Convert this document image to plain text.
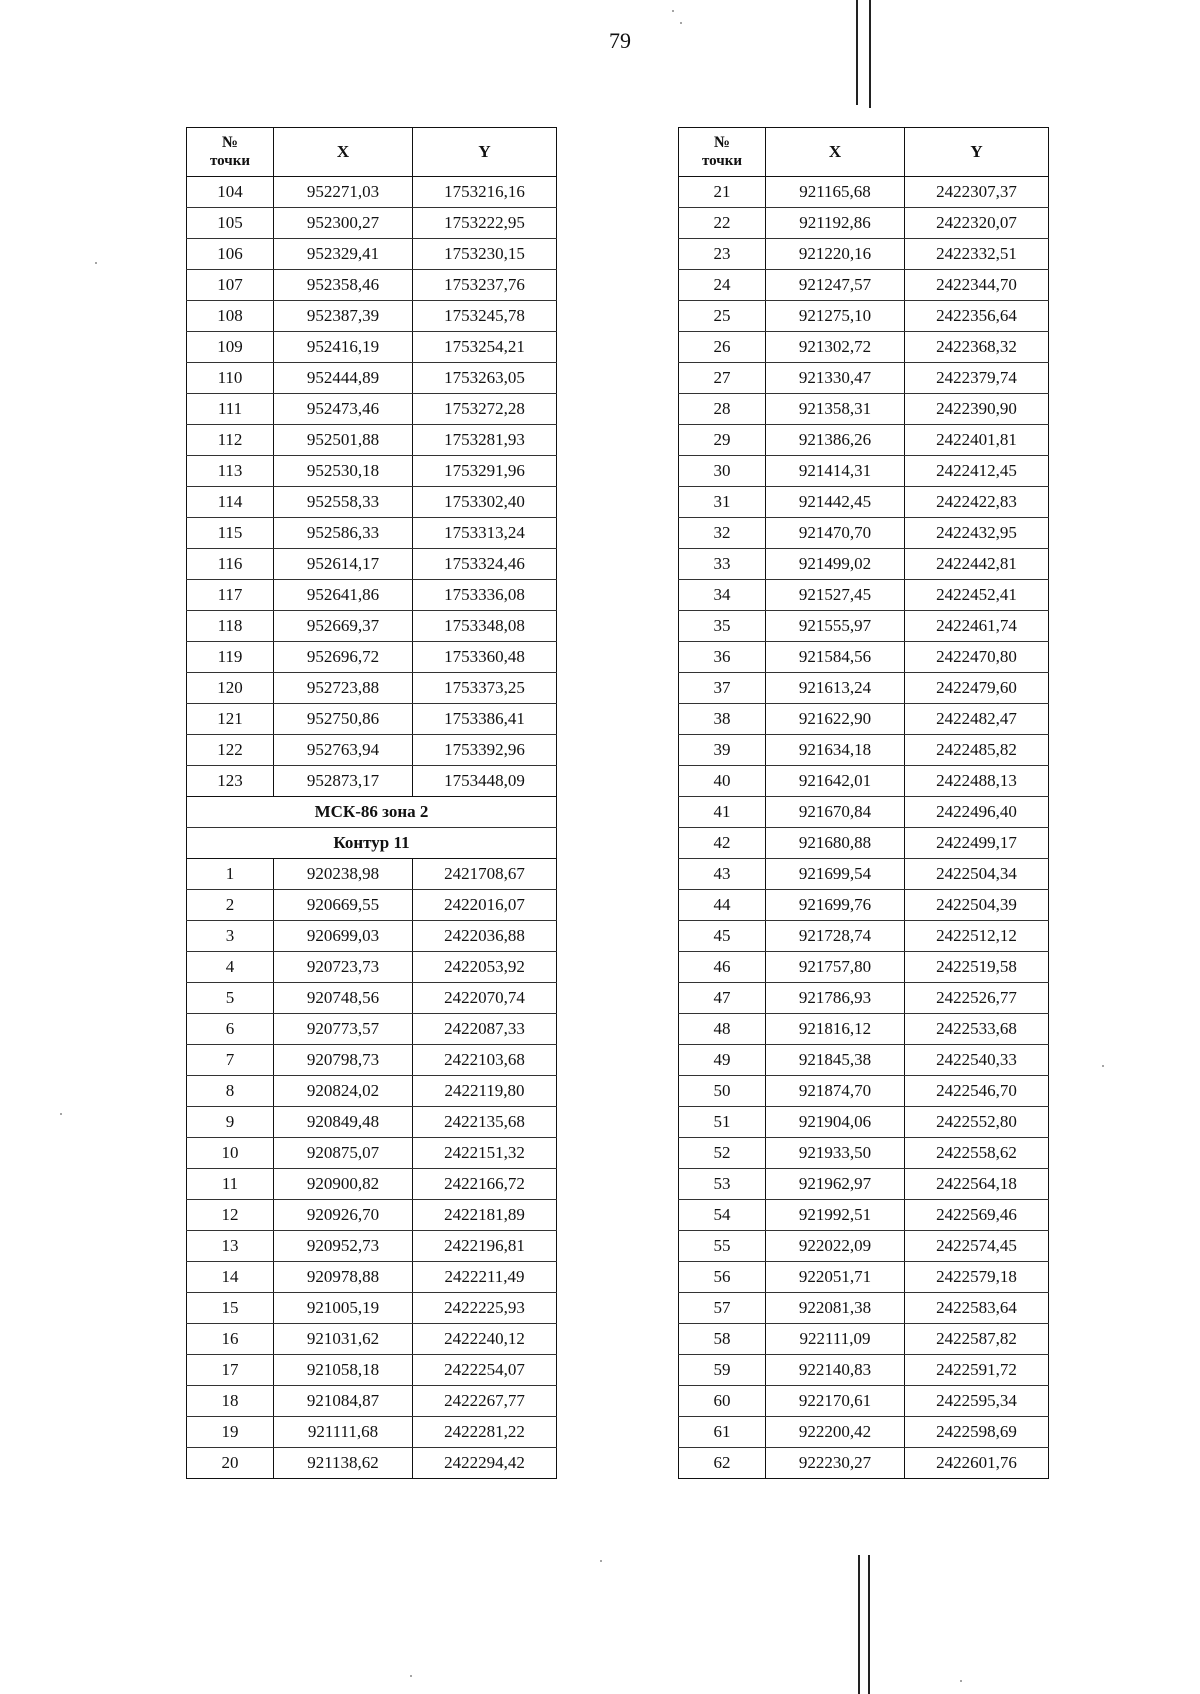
79
№
точки	X	Y
104	952271,03	1753216,16
105	952300,27	1753222,95
106	952329,41	1753230,15
107	952358,46	1753237,76
108	952387,39	1753245,78
109	952416,19	1753254,21
110	952444,89	1753263,05
111	952473,46	1753272,28
112	952501,88	1753281,93
113	952530,18	1753291,96
114	952558,33	1753302,40
115	952586,33	1753313,24
116	952614,17	1753324,46
117	952641,86	1753336,08
118	952669,37	1753348,08
119	952696,72	1753360,48
120	952723,88	1753373,25
121	952750,86	1753386,41
122	952763,94	1753392,96
123	952873,17	1753448,09
МСК-86 зона 2		
Контур 11		
1	920238,98	2421708,67
2	920669,55	2422016,07
3	920699,03	2422036,88
4	920723,73	2422053,92
5	920748,56	2422070,74
6	920773,57	2422087,33
7	920798,73	2422103,68
8	920824,02	2422119,80
9	920849,48	2422135,68
10	920875,07	2422151,32
11	920900,82	2422166,72
12	920926,70	2422181,89
13	920952,73	2422196,81
14	920978,88	2422211,49
15	921005,19	2422225,93
16	921031,62	2422240,12
17	921058,18	2422254,07
18	921084,87	2422267,77
19	921111,68	2422281,22
20	921138,62	2422294,42
№
точки	X	Y
21	921165,68	2422307,37
22	921192,86	2422320,07
23	921220,16	2422332,51
24	921247,57	2422344,70
25	921275,10	2422356,64
26	921302,72	2422368,32
27	921330,47	2422379,74
28	921358,31	2422390,90
29	921386,26	2422401,81
30	921414,31	2422412,45
31	921442,45	2422422,83
32	921470,70	2422432,95
33	921499,02	2422442,81
34	921527,45	2422452,41
35	921555,97	2422461,74
36	921584,56	2422470,80
37	921613,24	2422479,60
38	921622,90	2422482,47
39	921634,18	2422485,82
40	921642,01	2422488,13
41	921670,84	2422496,40
42	921680,88	2422499,17
43	921699,54	2422504,34
44	921699,76	2422504,39
45	921728,74	2422512,12
46	921757,80	2422519,58
47	921786,93	2422526,77
48	921816,12	2422533,68
49	921845,38	2422540,33
50	921874,70	2422546,70
51	921904,06	2422552,80
52	921933,50	2422558,62
53	921962,97	2422564,18
54	921992,51	2422569,46
55	922022,09	2422574,45
56	922051,71	2422579,18
57	922081,38	2422583,64
58	922111,09	2422587,82
59	922140,83	2422591,72
60	922170,61	2422595,34
61	922200,42	2422598,69
62	922230,27	2422601,76
